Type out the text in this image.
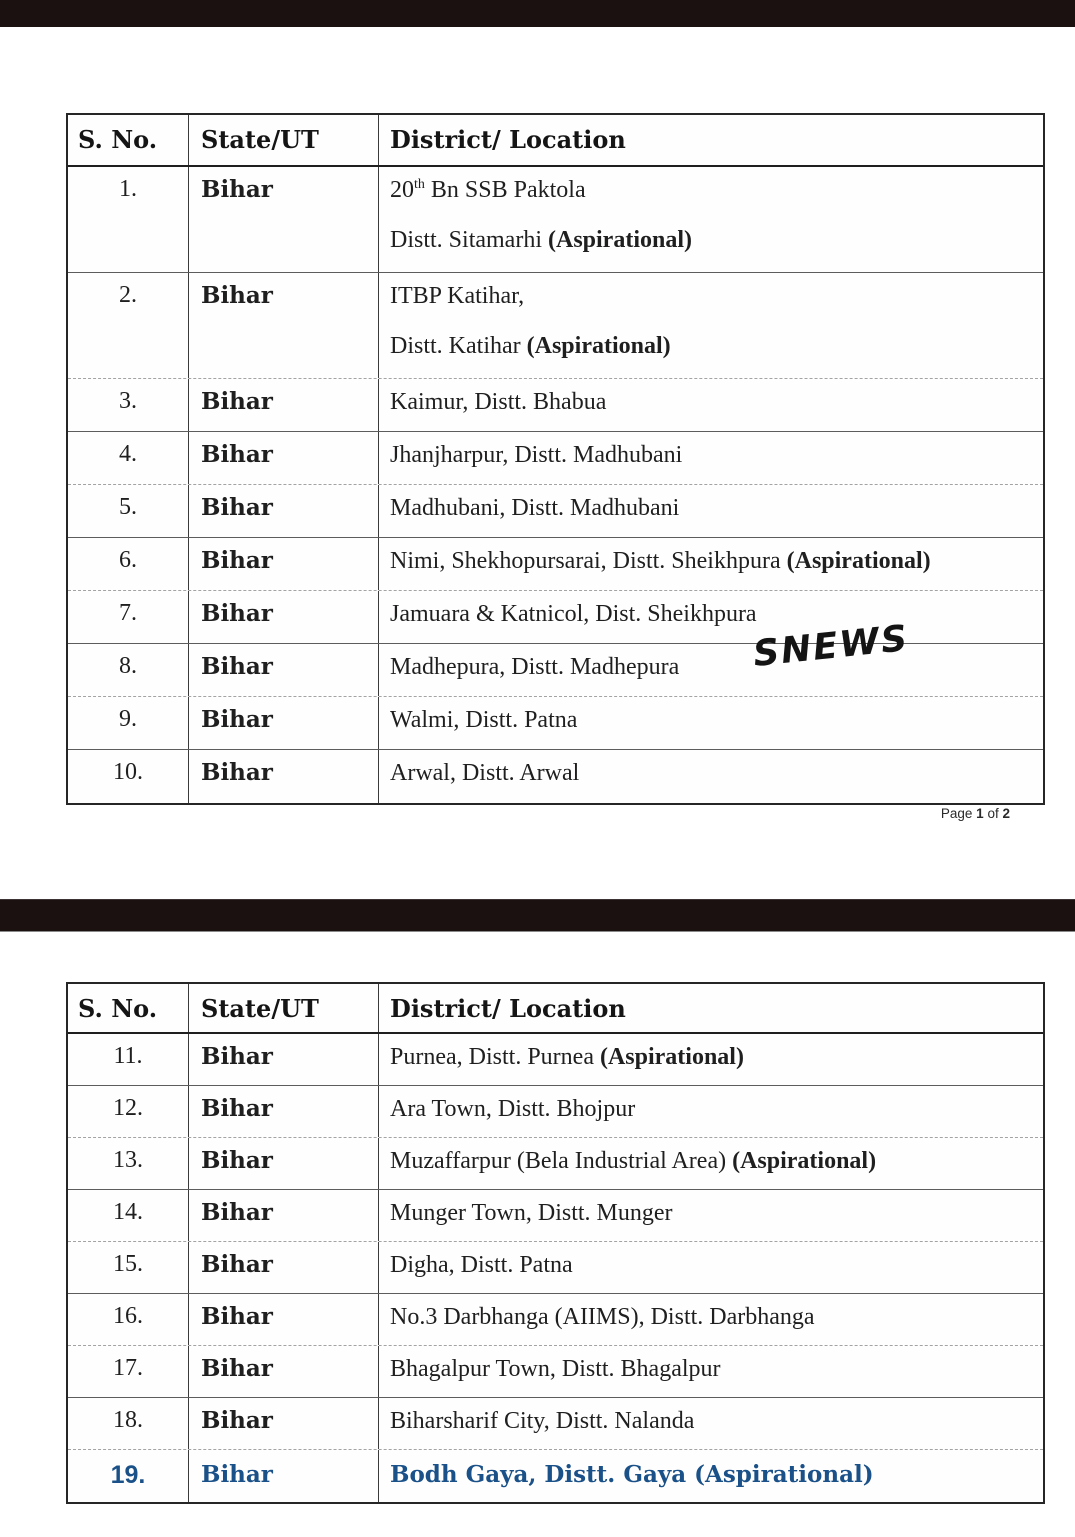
S. No.	State/UT	District/ Location
1.	Bihar	20th Bn SSB Paktola

Distt. Sitamarhi (Aspirational)

2.	Bihar	ITBP Katihar,

Distt. Katihar (Aspirational)

3.	Bihar	Kaimur, Distt. Bhabua

4.	Bihar	Jhanjharpur, Distt. Madhubani

5.	Bihar	Madhubani, Distt. Madhubani

6.	Bihar	Nimi, Shekhopursarai, Distt. Sheikhpura (Aspirational)

7.	Bihar	Jamuara & Katnicol, Dist. Sheikhpura

8.	Bihar	Madhepura, Distt. Madhepura

9.	Bihar	Walmi, Distt. Patna

10.	Bihar	Arwal, Distt. Arwal

SNEWS
Page 1 of 2
S. No.	State/UT	District/ Location
11.	Bihar	Purnea, Distt. Purnea (Aspirational)

12.	Bihar	Ara Town, Distt. Bhojpur

13.	Bihar	Muzaffarpur (Bela Industrial Area) (Aspirational)

14.	Bihar	Munger Town, Distt. Munger

15.	Bihar	Digha, Distt. Patna

16.	Bihar	No.3 Darbhanga (AIIMS), Distt. Darbhanga

17.	Bihar	Bhagalpur Town, Distt. Bhagalpur

18.	Bihar	Biharsharif City, Distt. Nalanda

19.	Bihar	Bodh Gaya, Distt. Gaya (Aspirational)
